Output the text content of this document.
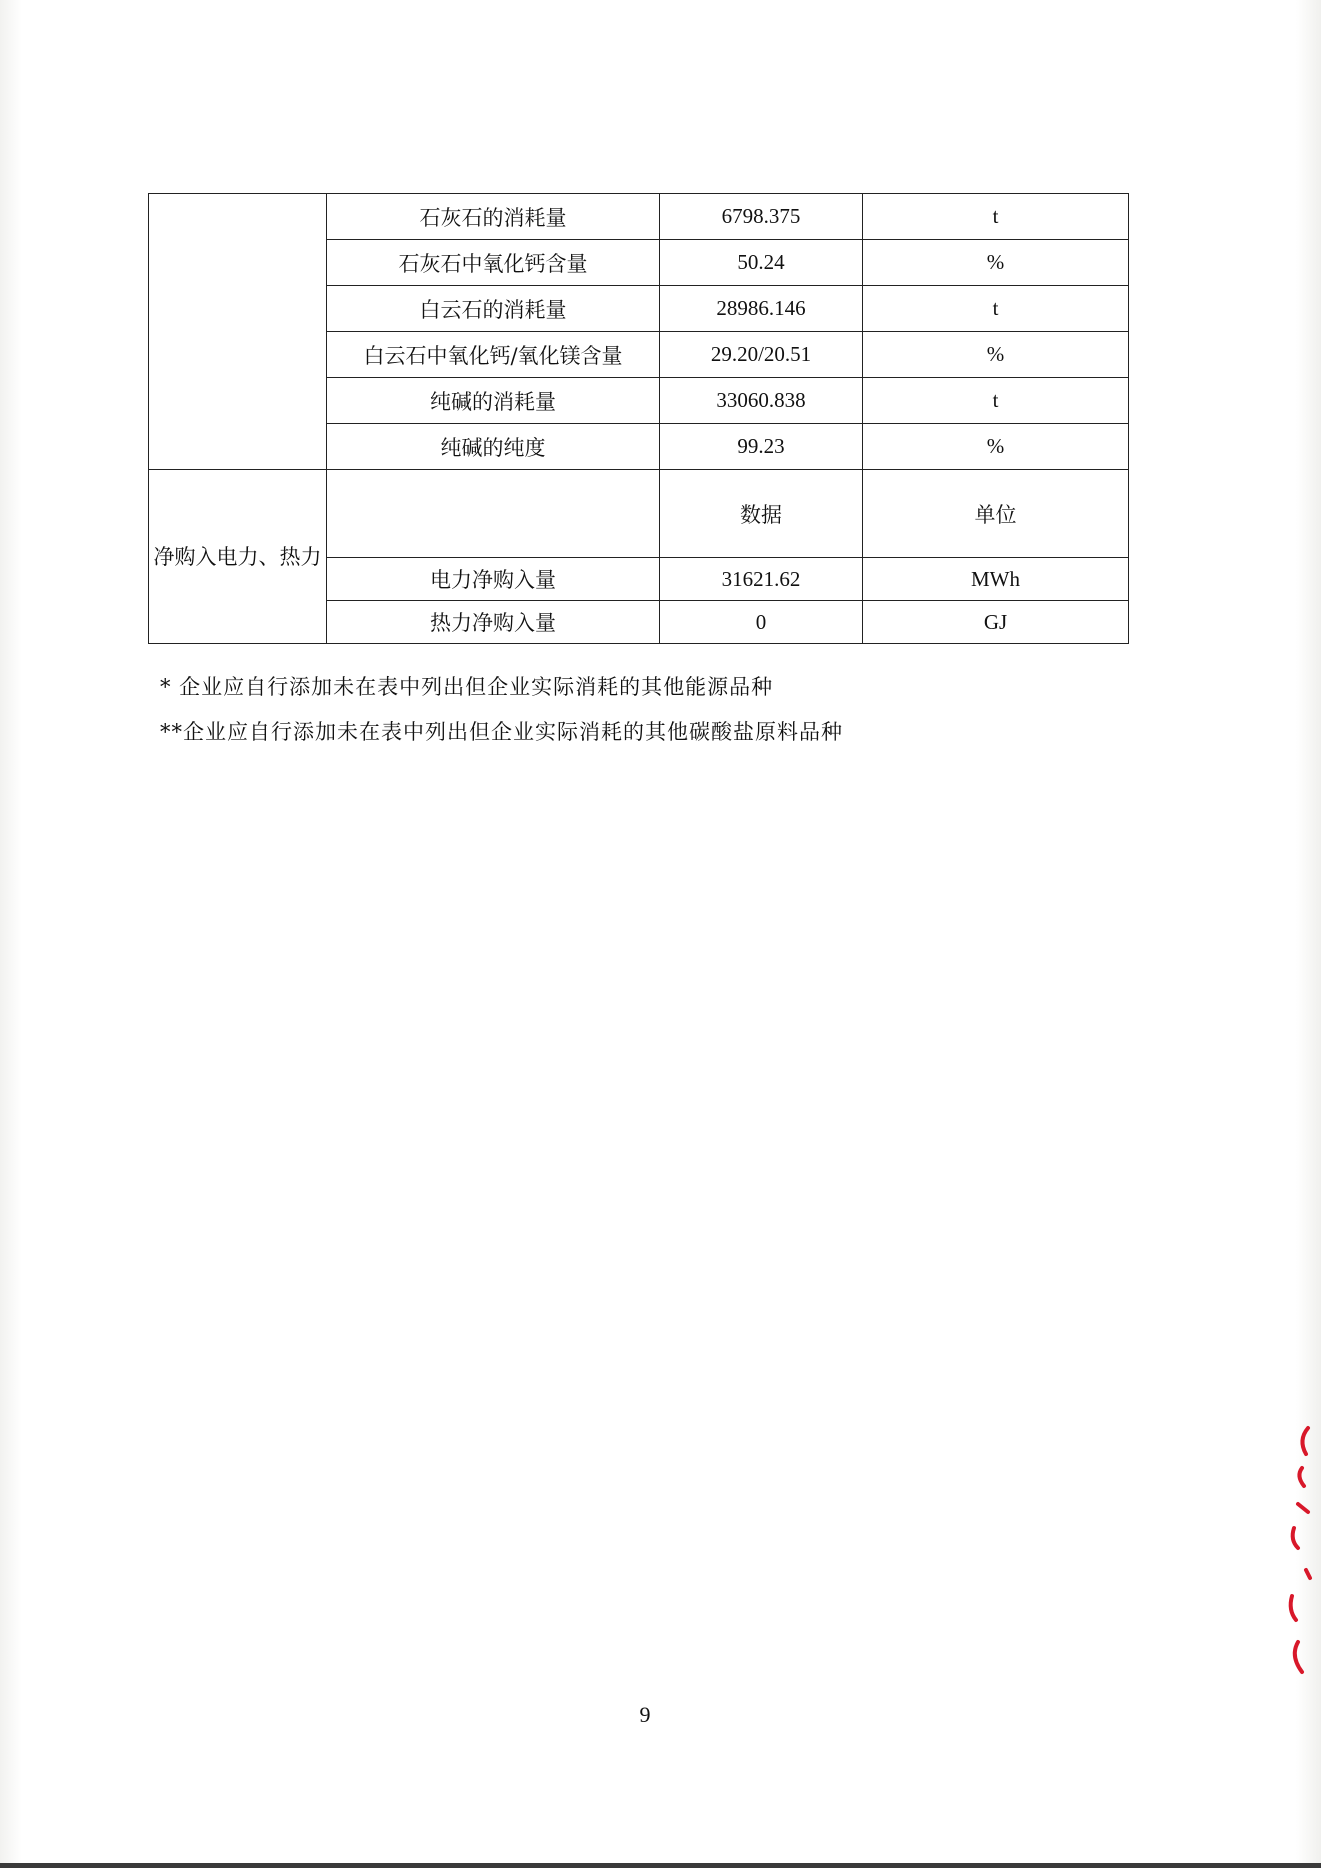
	石灰石的消耗量	6798.375	t
	石灰石中氧化钙含量	50.24	%
	白云石的消耗量	28986.146	t
	白云石中氧化钙/氧化镁含量	29.20/20.51	%
	纯碱的消耗量	33060.838	t
	纯碱的纯度	99.23	%
净购入电力、热力		数据	单位
	电力净购入量	31621.62	MWh
	热力净购入量	0	GJ
* 企业应自行添加未在表中列出但企业实际消耗的其他能源品种
**企业应自行添加未在表中列出但企业实际消耗的其他碳酸盐原料品种
9
